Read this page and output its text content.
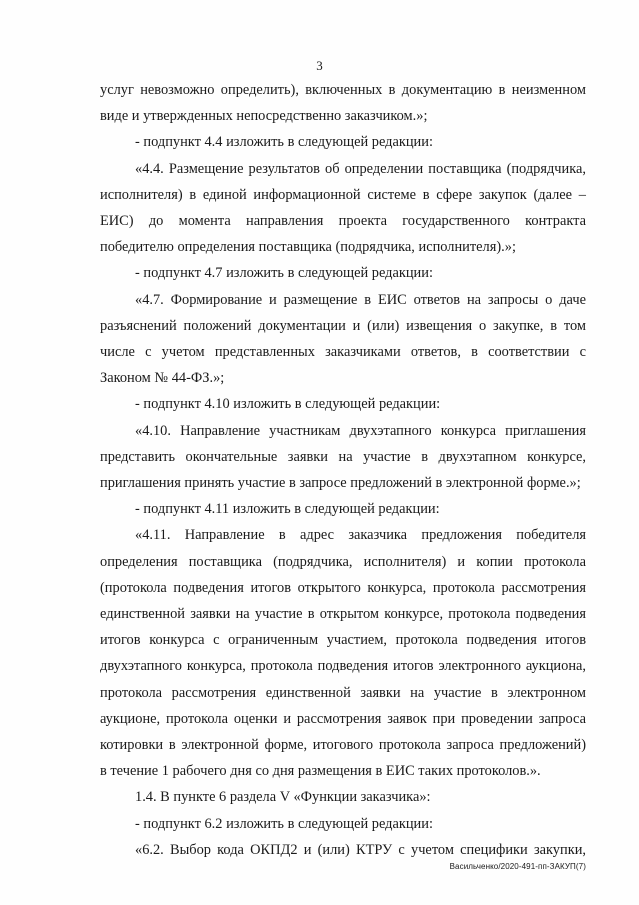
3
услуг невозможно определить), включенных в документацию в неизменном
виде и утвержденных непосредственно заказчиком.»;
- подпункт 4.4 изложить в следующей редакции:
«4.4. Размещение результатов об определении поставщика (подрядчика,
исполнителя) в единой информационной системе в сфере закупок (далее –
ЕИС) до момента направления проекта государственного контракта
победителю определения поставщика (подрядчика, исполнителя).»;
- подпункт 4.7 изложить в следующей редакции:
«4.7. Формирование и размещение в ЕИС ответов на запросы о даче
разъяснений положений документации и (или) извещения о закупке, в том
числе с учетом представленных заказчиками ответов, в соответствии с
Законом № 44-ФЗ.»;
- подпункт 4.10 изложить в следующей редакции:
«4.10. Направление участникам двухэтапного конкурса приглашения
представить окончательные заявки на участие в двухэтапном конкурсе,
приглашения принять участие в запросе предложений в электронной форме.»;
- подпункт 4.11 изложить в следующей редакции:
«4.11. Направление в адрес заказчика предложения победителя
определения поставщика (подрядчика, исполнителя) и копии протокола
(протокола подведения итогов открытого конкурса, протокола рассмотрения
единственной заявки на участие в открытом конкурсе, протокола подведения
итогов конкурса с ограниченным участием, протокола подведения итогов
двухэтапного конкурса, протокола подведения итогов электронного аукциона,
протокола рассмотрения единственной заявки на участие в электронном
аукционе, протокола оценки и рассмотрения заявок при проведении запроса
котировки в электронной форме, итогового протокола запроса предложений)
в течение 1 рабочего дня со дня размещения в ЕИС таких протоколов.».
1.4. В пункте 6 раздела V «Функции заказчика»:
- подпункт 6.2 изложить в следующей редакции:
«6.2. Выбор кода ОКПД2 и (или) КТРУ с учетом специфики закупки,
Васильченко/2020-491-пп-ЗАКУП(7)
